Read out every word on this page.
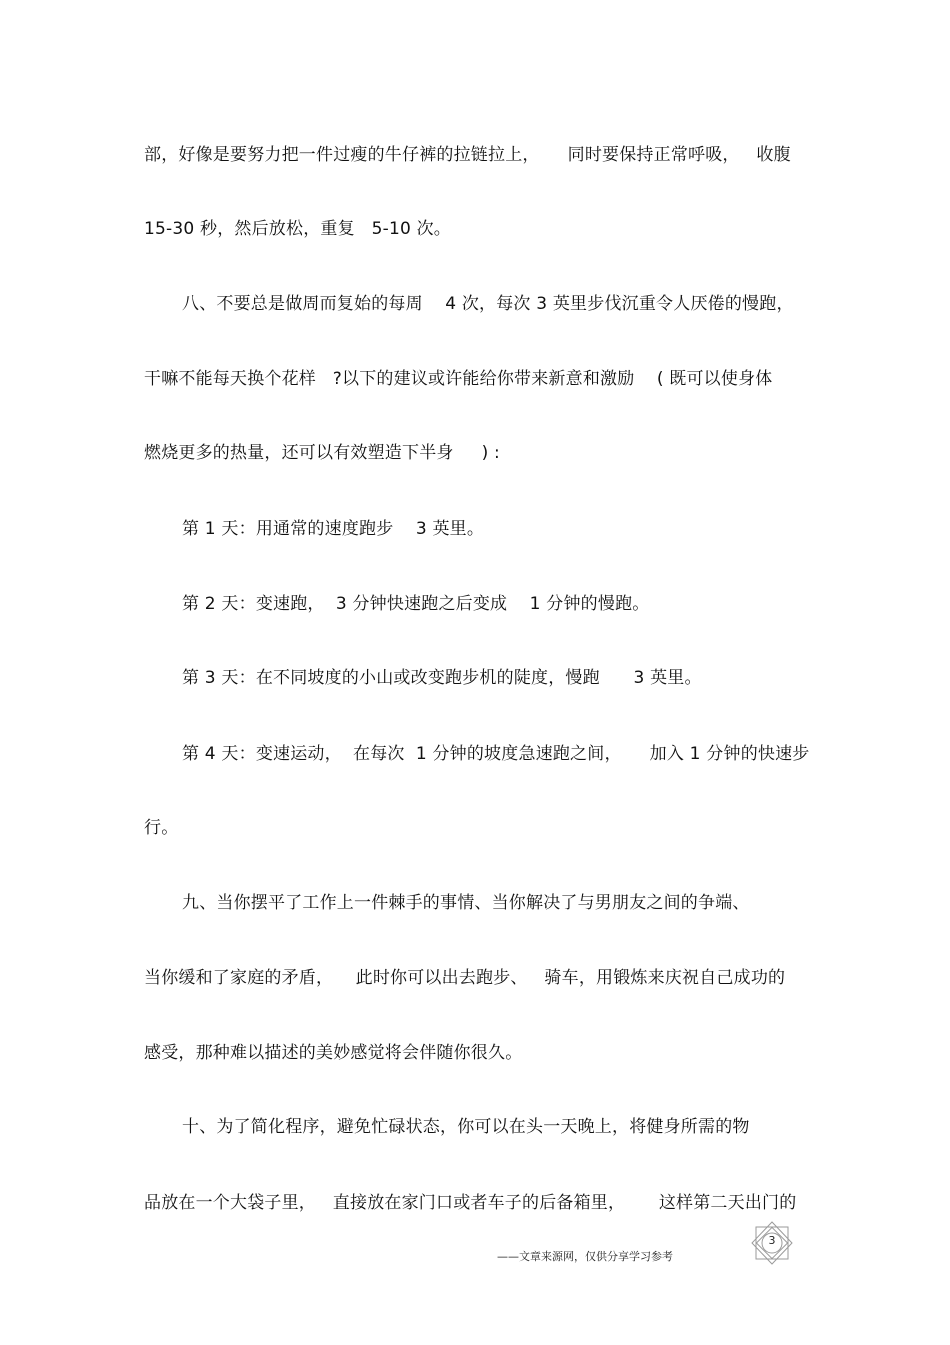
部，好像是要努力把一件过瘦的牛仔裤的拉链拉上，     同时要保持正常呼吸，   收腹
15-30 秒，然后放松，重复   5-10 次。
八、不要总是做周而复始的每周    4 次，每次 3 英里步伐沉重令人厌倦的慢跑，
干嘛不能每天换个花样   ?以下的建议或许能给你带来新意和激励    ( 既可以使身体
燃烧更多的热量，还可以有效塑造下半身     ) :
第 1 天：用通常的速度跑步    3 英里。
第 2 天：变速跑，  3 分钟快速跑之后变成    1 分钟的慢跑。
第 3 天：在不同坡度的小山或改变跑步机的陡度，慢跑      3 英里。
第 4 天：变速运动，  在每次  1 分钟的坡度急速跑之间，     加入 1 分钟的快速步
行。
九、当你摆平了工作上一件棘手的事情、当你解决了与男朋友之间的争端、
当你缓和了家庭的矛盾，    此时你可以出去跑步、   骑车，用锻炼来庆祝自己成功的
感受，那种难以描述的美妙感觉将会伴随你很久。
十、为了简化程序，避免忙碌状态，你可以在头一天晚上，将健身所需的物
品放在一个大袋子里，   直接放在家门口或者车子的后备箱里，      这样第二天出门的
——文章来源网，仅供分享学习参考
3
